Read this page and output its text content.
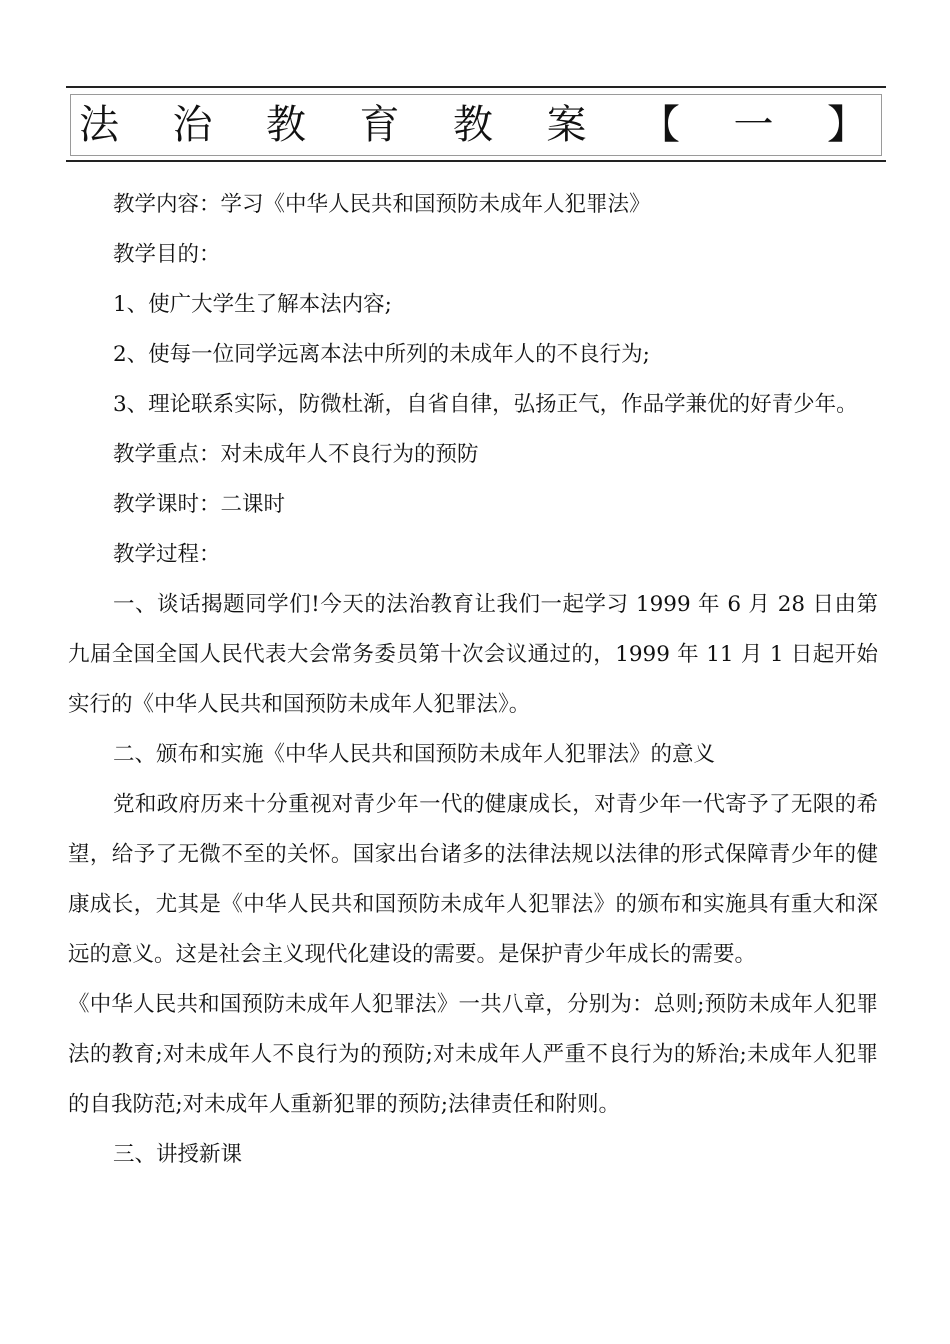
法 治 教 育 教 案 【 一 】

教学内容：学习《中华人民共和国预防未成年人犯罪法》

教学目的：

1、使广大学生了解本法内容;

2、使每一位同学远离本法中所列的未成年人的不良行为;

3、理论联系实际，防微杜渐，自省自律，弘扬正气，作品学兼优的好青少年。

教学重点：对未成年人不良行为的预防

教学课时：二课时

教学过程：

一、谈话揭题同学们!今天的法治教育让我们一起学习 1999 年 6 月 28 日由第九届全国全国人民代表大会常务委员第十次会议通过的，1999 年 11 月 1 日起开始实行的《中华人民共和国预防未成年人犯罪法》。

二、颁布和实施《中华人民共和国预防未成年人犯罪法》的意义

党和政府历来十分重视对青少年一代的健康成长，对青少年一代寄予了无限的希望，给予了无微不至的关怀。国家出台诸多的法律法规以法律的形式保障青少年的健康成长，尤其是《中华人民共和国预防未成年人犯罪法》的颁布和实施具有重大和深远的意义。这是社会主义现代化建设的需要。是保护青少年成长的需要。

《中华人民共和国预防未成年人犯罪法》一共八章，分别为：总则;预防未成年人犯罪法的教育;对未成年人不良行为的预防;对未成年人严重不良行为的矫治;未成年人犯罪的自我防范;对未成年人重新犯罪的预防;法律责任和附则。

三、讲授新课
